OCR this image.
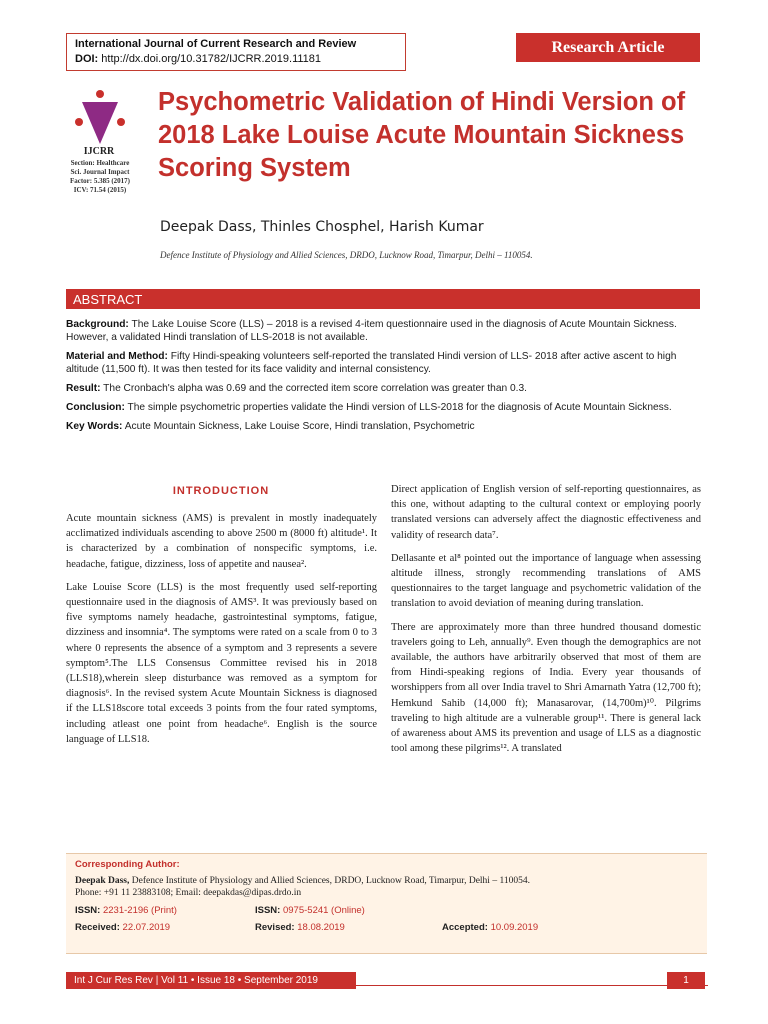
International Journal of Current Research and Review
DOI: http://dx.doi.org/10.31782/IJCRR.2019.11181
Research Article
IJCRR
Section: Healthcare
Sci. Journal Impact
Factor: 5.385 (2017)
ICV: 71.54 (2015)
Psychometric Validation of Hindi Version of 2018 Lake Louise Acute Mountain Sickness Scoring System
Deepak Dass, Thinles Chosphel, Harish Kumar
Defence Institute of Physiology and Allied Sciences, DRDO, Lucknow Road, Timarpur, Delhi – 110054.
ABSTRACT

Background: The Lake Louise Score (LLS) – 2018 is a revised 4-item questionnaire used in the diagnosis of Acute Mountain Sickness. However, a validated Hindi translation of LLS-2018 is not available.

Material and Method: Fifty Hindi-speaking volunteers self-reported the translated Hindi version of LLS- 2018 after active ascent to high altitude (11,500 ft). It was then tested for its face validity and internal consistency.

Result: The Cronbach's alpha was 0.69 and the corrected item score correlation was greater than 0.3.

Conclusion: The simple psychometric properties validate the Hindi version of LLS-2018 for the diagnosis of Acute Mountain Sickness.

Key Words: Acute Mountain Sickness, Lake Louise Score, Hindi translation, Psychometric

INTRODUCTION

Acute mountain sickness (AMS) is prevalent in mostly inadequately acclimatized individuals ascending to above 2500 m (8000 ft) altitude¹. It is characterized by a combination of nonspecific symptoms, i.e. headache, fatigue, dizziness, loss of appetite and nausea².

Lake Louise Score (LLS) is the most frequently used self-reporting questionnaire used in the diagnosis of AMS³. It was previously based on five symptoms namely headache, gastrointestinal symptoms, fatigue, dizziness and insomnia⁴. The symptoms were rated on a scale from 0 to 3 where 0 represents the absence of a symptom and 3 represents a severe symptom⁵.The LLS Consensus Committee revised his in 2018 (LLS18),wherein sleep disturbance was removed as a symptom for diagnosis⁶. In the revised system Acute Mountain Sickness is diagnosed if the LLS18score total exceeds 3 points from the four rated symptoms, including atleast one point from headache⁶. English is the source language of LLS18.

Direct application of English version of self-reporting questionnaires, as this one, without adapting to the cultural context or employing poorly translated versions can adversely affect the diagnostic effectiveness and validity of research data⁷.

Dellasante et al⁸ pointed out the importance of language when assessing altitude illness, strongly recommending translations of AMS questionnaires to the target language and psychometric validation of the translation to avoid deviation of meaning during translation.

There are approximately more than three hundred thousand domestic travelers going to Leh, annually⁹. Even though the demographics are not available, the authors have arbitrarily observed that most of them are from Hindi-speaking regions of India. Every year thousands of worshippers from all over India travel to Shri Amarnath Yatra (12,700 ft); Hemkund Sahib (14,000 ft); Manasarovar, (14,700m)¹⁰. Pilgrims traveling to high altitude are a vulnerable group¹¹. There is general lack of awareness about AMS its prevention and usage of LLS as a diagnostic tool among these pilgrims¹². A translated

Corresponding Author:
Deepak Dass, Defence Institute of Physiology and Allied Sciences, DRDO, Lucknow Road, Timarpur, Delhi – 110054.
Phone: +91 11 23883108; Email: deepakdas@dipas.drdo.in
ISSN: 2231-2196 (Print)	ISSN: 0975-5241 (Online)
Received: 22.07.2019	Revised: 18.08.2019	Accepted: 10.09.2019
Int J Cur Res Rev | Vol 11 • Issue 18 • September 2019	1
